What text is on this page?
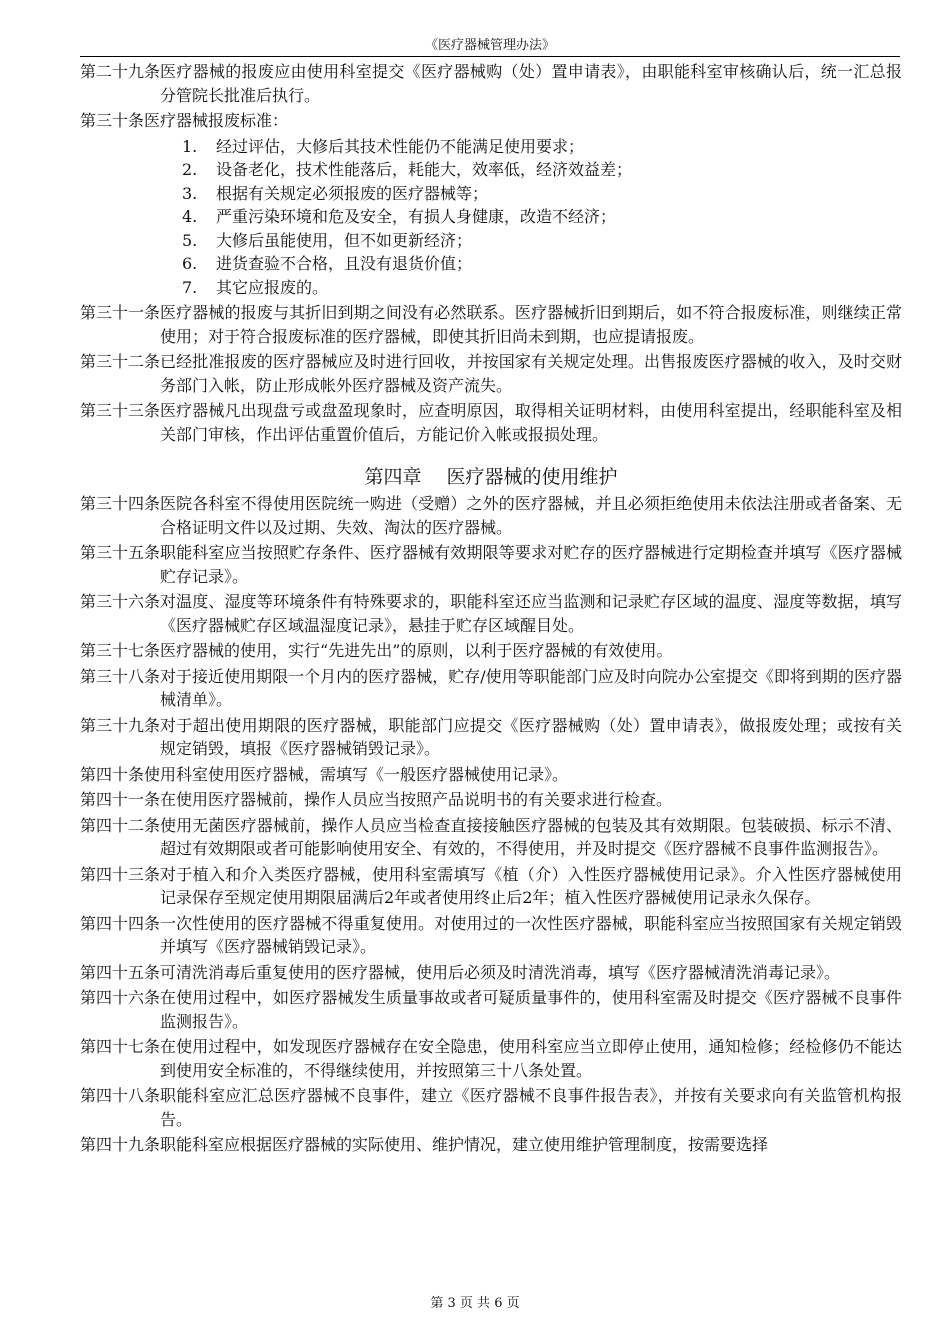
《医疗器械管理办法》
第二十九条 医疗器械的报废应由使用科室提交《医疗器械购（处）置申请表》，由职能科室审核确认后，统一汇总报分管院长批准后执行。
第三十条 医疗器械报废标准：
1.	经过评估，大修后其技术性能仍不能满足使用要求；
2.	设备老化，技术性能落后，耗能大，效率低，经济效益差；
3.	根据有关规定必须报废的医疗器械等；
4.	严重污染环境和危及安全，有损人身健康，改造不经济；
5.	大修后虽能使用，但不如更新经济；
6.	进货查验不合格，且没有退货价值；
7.	其它应报废的。
第三十一条 医疗器械的报废与其折旧到期之间没有必然联系。医疗器械折旧到期后，如不符合报废标准，则继续正常使用；对于符合报废标准的医疗器械，即使其折旧尚未到期，也应提请报废。
第三十二条 已经批准报废的医疗器械应及时进行回收，并按国家有关规定处理。出售报废医疗器械的收入，及时交财务部门入帐，防止形成帐外医疗器械及资产流失。
第三十三条 医疗器械凡出现盘亏或盘盈现象时，应查明原因，取得相关证明材料，由使用科室提出，经职能科室及相关部门审核，作出评估重置价值后，方能记价入帐或报损处理。
第四章　 医疗器械的使用维护
第三十四条 医院各科室不得使用医院统一购进（受赠）之外的医疗器械，并且必须拒绝使用未依法注册或者备案、无合格证明文件以及过期、失效、淘汰的医疗器械。
第三十五条 职能科室应当按照贮存条件、医疗器械有效期限等要求对贮存的医疗器械进行定期检查并填写《医疗器械贮存记录》。
第三十六条 对温度、湿度等环境条件有特殊要求的，职能科室还应当监测和记录贮存区域的温度、湿度等数据，填写《医疗器械贮存区域温湿度记录》，悬挂于贮存区域醒目处。
第三十七条 医疗器械的使用，实行“先进先出”的原则，以利于医疗器械的有效使用。
第三十八条 对于接近使用期限一个月内的医疗器械，贮存/使用等职能部门应及时向院办公室提交《即将到期的医疗器械清单》。
第三十九条 对于超出使用期限的医疗器械，职能部门应提交《医疗器械购（处）置申请表》，做报废处理；或按有关规定销毁，填报《医疗器械销毁记录》。
第四十条 使用科室使用医疗器械，需填写《一般医疗器械使用记录》。
第四十一条 在使用医疗器械前，操作人员应当按照产品说明书的有关要求进行检查。
第四十二条 使用无菌医疗器械前，操作人员应当检查直接接触医疗器械的包装及其有效期限。包装破损、标示不清、超过有效期限或者可能影响使用安全、有效的，不得使用，并及时提交《医疗器械不良事件监测报告》。
第四十三条 对于植入和介入类医疗器械，使用科室需填写《植（介）入性医疗器械使用记录》。介入性医疗器械使用记录保存至规定使用期限届满后2年或者使用终止后2年；植入性医疗器械使用记录永久保存。
第四十四条 一次性使用的医疗器械不得重复使用。对使用过的一次性医疗器械，职能科室应当按照国家有关规定销毁并填写《医疗器械销毁记录》。
第四十五条 可清洗消毒后重复使用的医疗器械，使用后必须及时清洗消毒，填写《医疗器械清洗消毒记录》。
第四十六条 在使用过程中，如医疗器械发生质量事故或者可疑质量事件的，使用科室需及时提交《医疗器械不良事件监测报告》。
第四十七条 在使用过程中，如发现医疗器械存在安全隐患，使用科室应当立即停止使用，通知检修；经检修仍不能达到使用安全标准的，不得继续使用，并按照第三十八条处置。
第四十八条 职能科室应汇总医疗器械不良事件，建立《医疗器械不良事件报告表》，并按有关要求向有关监管机构报告。
第四十九条 职能科室应根据医疗器械的实际使用、维护情况，建立使用维护管理制度，按需要选择
第 3 页 共 6 页
